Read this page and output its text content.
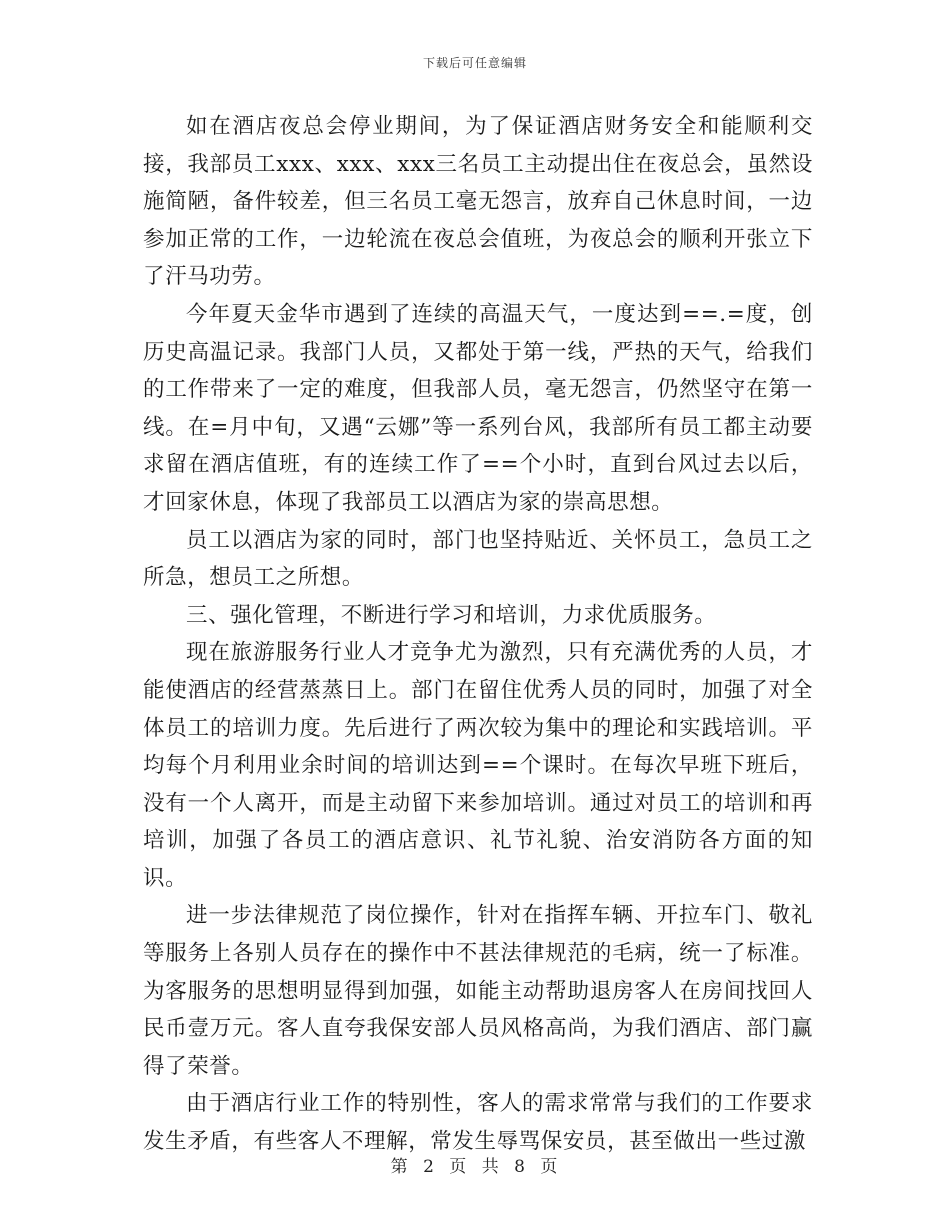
下载后可任意编辑

如在酒店夜总会停业期间，为了保证酒店财务安全和能顺利交接，我部员工xxx、xxx、xxx三名员工主动提出住在夜总会，虽然设施简陋，备件较差，但三名员工毫无怨言，放弃自己休息时间，一边参加正常的工作，一边轮流在夜总会值班，为夜总会的顺利开张立下了汗马功劳。

今年夏天金华市遇到了连续的高温天气，一度达到==.=度，创历史高温记录。我部门人员，又都处于第一线，严热的天气，给我们的工作带来了一定的难度，但我部人员，毫无怨言，仍然坚守在第一线。在=月中旬，又遇“云娜”等一系列台风，我部所有员工都主动要求留在酒店值班，有的连续工作了==个小时，直到台风过去以后，才回家休息，体现了我部员工以酒店为家的崇高思想。

员工以酒店为家的同时，部门也坚持贴近、关怀员工，急员工之所急，想员工之所想。

三、强化管理，不断进行学习和培训，力求优质服务。

现在旅游服务行业人才竞争尤为激烈，只有充满优秀的人员，才能使酒店的经营蒸蒸日上。部门在留住优秀人员的同时，加强了对全体员工的培训力度。先后进行了两次较为集中的理论和实践培训。平均每个月利用业余时间的培训达到==个课时。在每次早班下班后，没有一个人离开，而是主动留下来参加培训。通过对员工的培训和再培训，加强了各员工的酒店意识、礼节礼貌、治安消防各方面的知识。

进一步法律规范了岗位操作，针对在指挥车辆、开拉车门、敬礼等服务上各别人员存在的操作中不甚法律规范的毛病，统一了标准。为客服务的思想明显得到加强，如能主动帮助退房客人在房间找回人民币壹万元。客人直夸我保安部人员风格高尚，为我们酒店、部门赢得了荣誉。

由于酒店行业工作的特别性，客人的需求常常与我们的工作要求发生矛盾，有些客人不理解，常发生辱骂保安员，甚至做出一些过激

第 2 页 共 8 页
